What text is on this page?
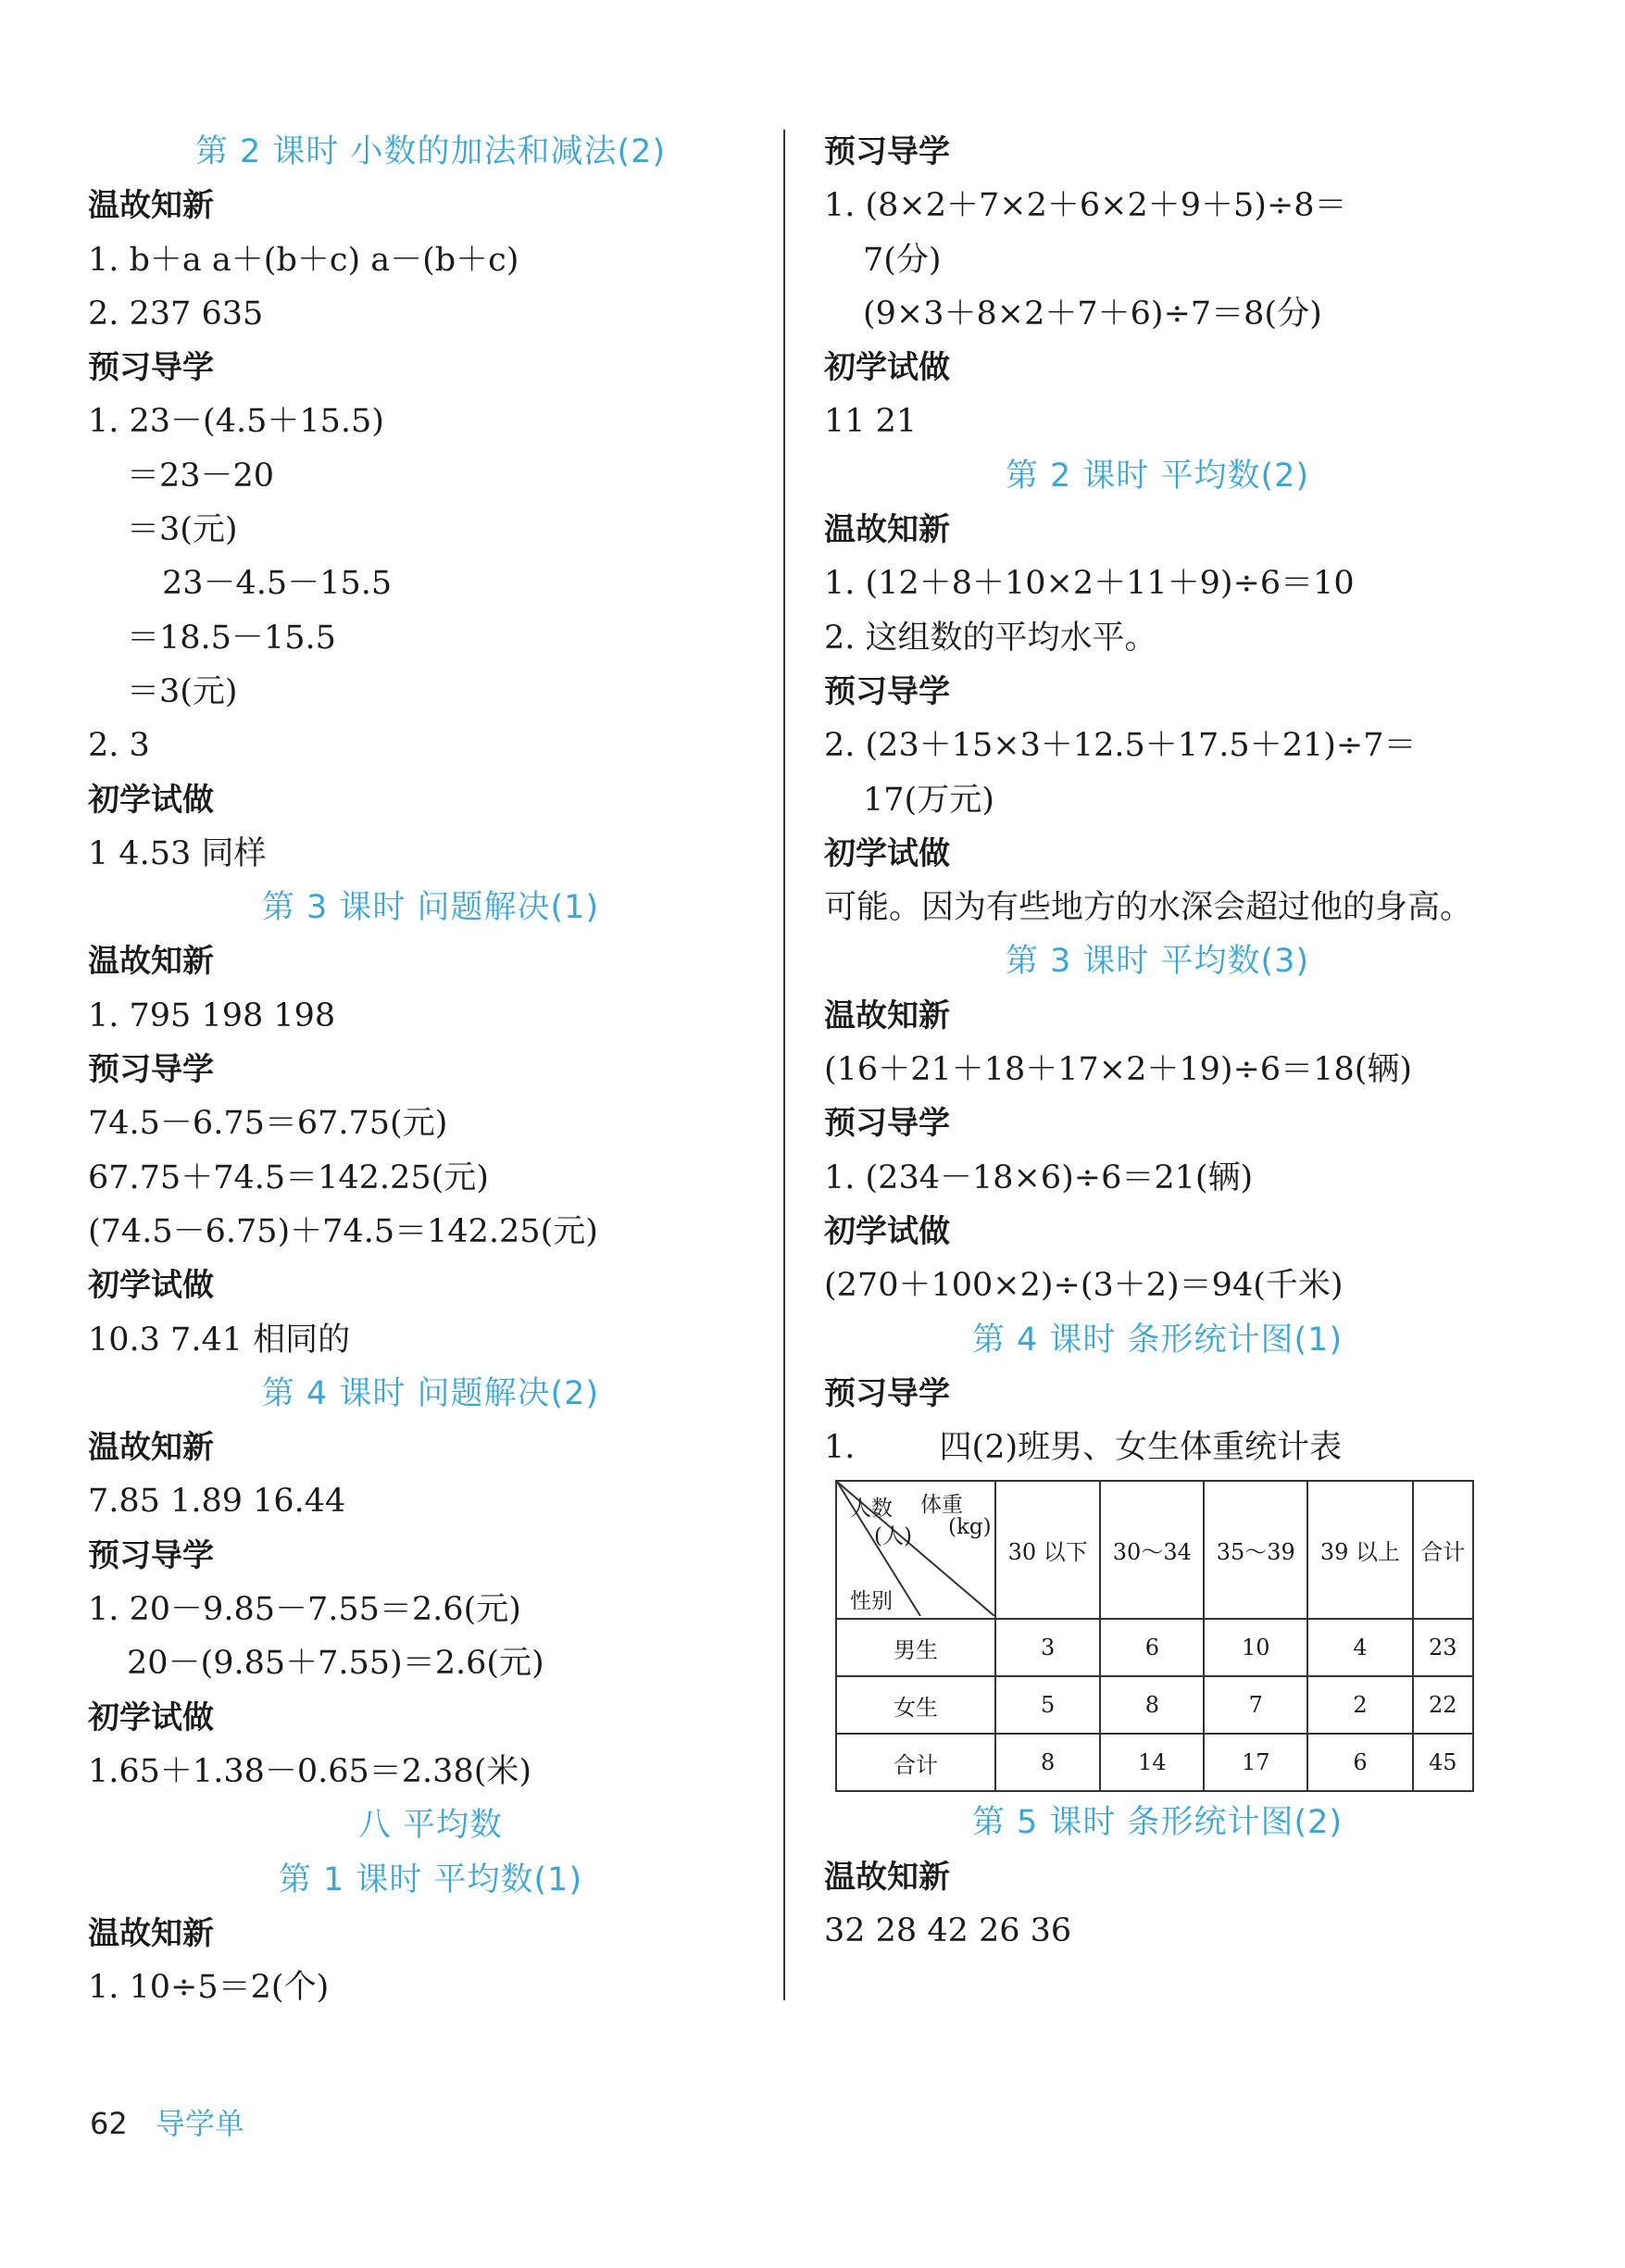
第 2 课时 小数的加法和减法(2)
温故知新
1. b＋a a＋(b＋c) a－(b＋c)
2. 237 635
预习导学
1. 23－(4.5＋15.5)
＝23－20
＝3(元)
23－4.5－15.5
＝18.5－15.5
＝3(元)
2. 3
初学试做
1 4.53 同样
第 3 课时 问题解决(1)
温故知新
1. 795 198 198
预习导学
74.5－6.75＝67.75(元)
67.75＋74.5＝142.25(元)
(74.5－6.75)＋74.5＝142.25(元)
初学试做
10.3 7.41 相同的
第 4 课时 问题解决(2)
温故知新
7.85 1.89 16.44
预习导学
1. 20－9.85－7.55＝2.6(元)
20－(9.85＋7.55)＝2.6(元)
初学试做
1.65＋1.38－0.65＝2.38(米)
八 平均数
第 1 课时 平均数(1)
温故知新
1. 10÷5＝2(个)
预习导学
1. (8×2＋7×2＋6×2＋9＋5)÷8＝
7(分)
(9×3＋8×2＋7＋6)÷7＝8(分)
初学试做
11 21
第 2 课时 平均数(2)
温故知新
1. (12＋8＋10×2＋11＋9)÷6＝10
2. 这组数的平均水平。
预习导学
2. (23＋15×3＋12.5＋17.5＋21)÷7＝
17(万元)
初学试做
可能。因为有些地方的水深会超过他的身高。
第 3 课时 平均数(3)
温故知新
(16＋21＋18＋17×2＋19)÷6＝18(辆)
预习导学
1. (234－18×6)÷6＝21(辆)
初学试做
(270＋100×2)÷(3＋2)＝94(千米)
第 4 课时 条形统计图(1)
预习导学
1.	四(2)班男、女生体重统计表
体重
(kg)
人数
(人)
性别	30 以下	30～34	35～39	39 以上	合计
男生	3	6	10	4	23
女生	5	8	7	2	22
合计	8	14	17	6	45
第 5 课时 条形统计图(2)
温故知新
32 28 42 26 36
62 导学单
